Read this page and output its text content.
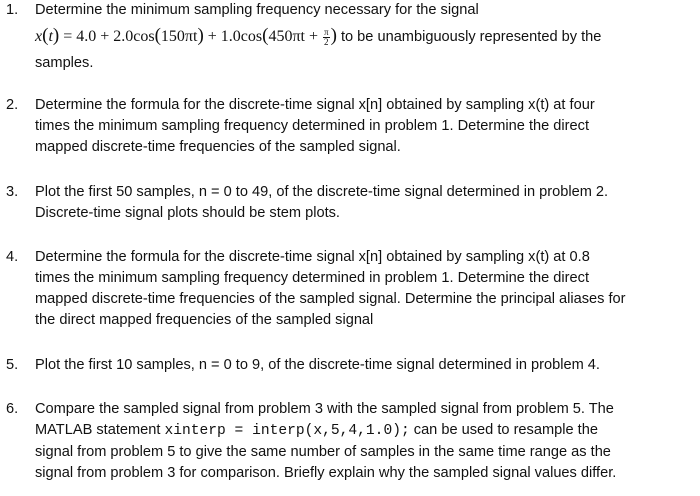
1. Determine the minimum sampling frequency necessary for the signal
$x(t) = 4.0 + 2.0\cos(150\pi t) + 1.0\cos(450\pi t + \frac{\pi}{2}$ ) to be unambiguously represented by the
samples.
2. Determine the formula for the discrete-time signal x[n] obtained by sampling x(t) at four
times the minimum sampling frequency determined in problem 1. Determine the direct
mapped discrete-time frequencies of the sampled signal.
3. Plot the first 50 samples, n = 0 to 49, of the discrete-time signal determined in problem 2.
Discrete-time signal plots should be stem plots.
4. Determine the formula for the discrete-time signal x[n] obtained by sampling x(t) at 0.8
times the minimum sampling frequency determined in problem 1. Determine the direct
mapped discrete-time frequencies of the sampled signal. Determine the principal aliases for
the direct mapped frequencies of the sampled signal
5. Plot the first 10 samples, n = 0 to 9, of the discrete-time signal determined in problem 4.
6. Compare the sampled signal from problem 3 with the sampled signal from problem 5. The
MATLAB statement xinterp = interp(x,5,4,1.0); can be used to resample the
signal from problem 5 to give the same number of samples in the same time range as the
signal from problem 3 for comparison. Briefly explain why the sampled signal values differ.
